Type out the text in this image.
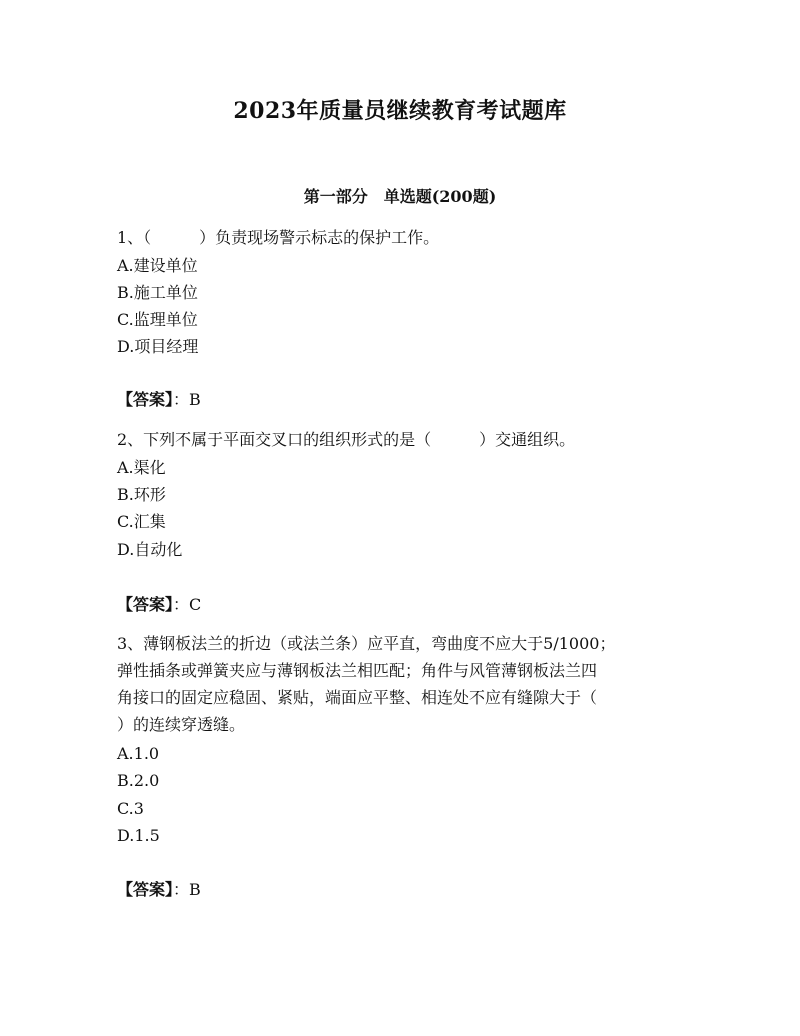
2023年质量员继续教育考试题库
第一部分　单选题(200题)
1、（　　　）负责现场警示标志的保护工作。
A.建设单位
B.施工单位
C.监理单位
D.项目经理
【答案】：B
2、下列不属于平面交叉口的组织形式的是（　　　）交通组织。
A.渠化
B.环形
C.汇集
D.自动化
【答案】：C
3、薄钢板法兰的折边（或法兰条）应平直，弯曲度不应大于5/1000；
弹性插条或弹簧夹应与薄钢板法兰相匹配；角件与风管薄钢板法兰四
角接口的固定应稳固、紧贴，端面应平整、相连处不应有缝隙大于（
）的连续穿透缝。
A.1.0
B.2.0
C.3
D.1.5
【答案】：B
